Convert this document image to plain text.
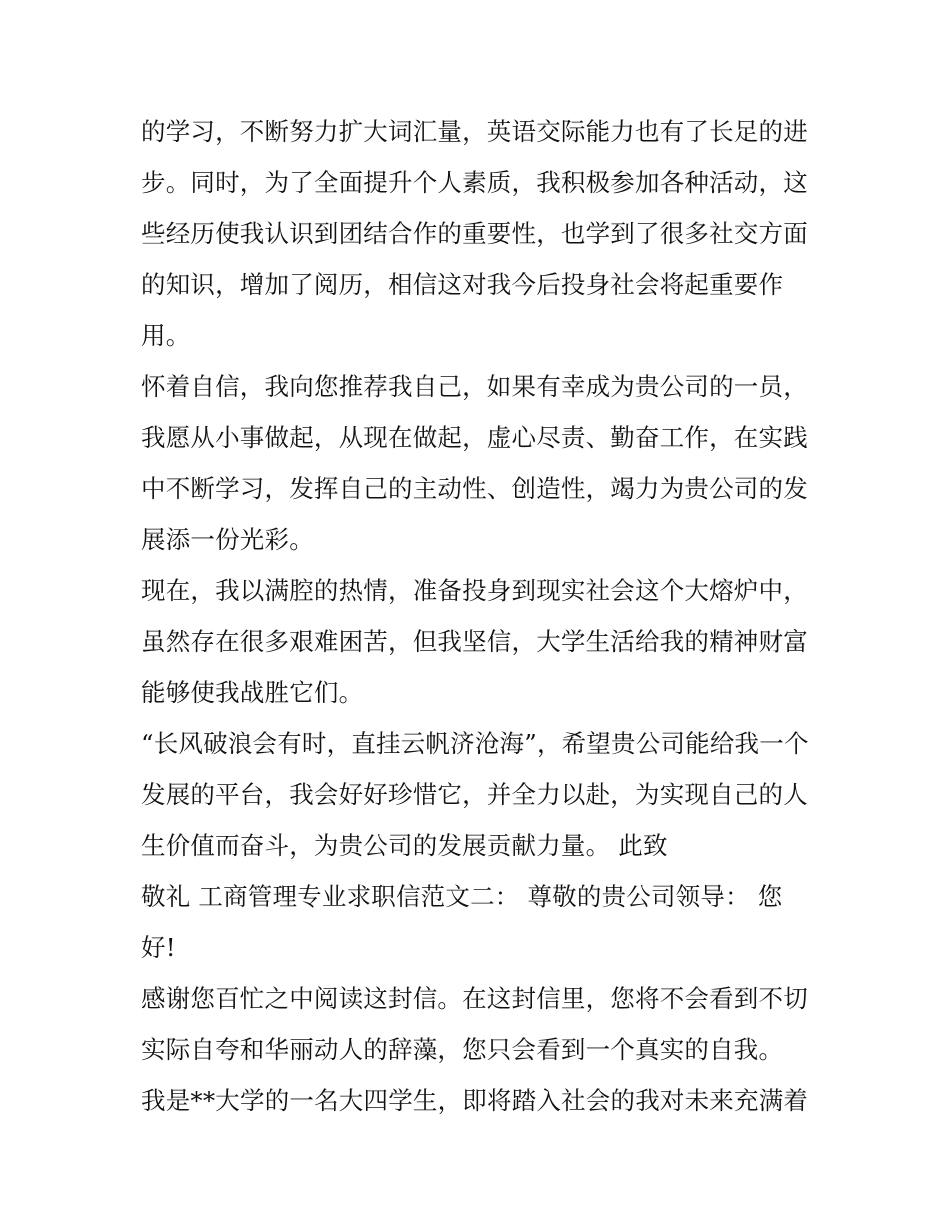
的学习，不断努力扩大词汇量，英语交际能力也有了长足的进
步。同时，为了全面提升个人素质，我积极参加各种活动，这
些经历使我认识到团结合作的重要性，也学到了很多社交方面
的知识，增加了阅历，相信这对我今后投身社会将起重要作
用。
怀着自信，我向您推荐我自己，如果有幸成为贵公司的一员，
我愿从小事做起，从现在做起，虚心尽责、勤奋工作，在实践
中不断学习，发挥自己的主动性、创造性，竭力为贵公司的发
展添一份光彩。
现在，我以满腔的热情，准备投身到现实社会这个大熔炉中，
虽然存在很多艰难困苦，但我坚信，大学生活给我的精神财富
能够使我战胜它们。
“长风破浪会有时，直挂云帆济沧海”，希望贵公司能给我一个
发展的平台，我会好好珍惜它，并全力以赴，为实现自己的人
生价值而奋斗，为贵公司的发展贡献力量。 此致
敬礼 工商管理专业求职信范文二： 尊敬的贵公司领导： 您
好!
感谢您百忙之中阅读这封信。在这封信里，您将不会看到不切
实际自夸和华丽动人的辞藻，您只会看到一个真实的自我。
我是**大学的一名大四学生，即将踏入社会的我对未来充满着
